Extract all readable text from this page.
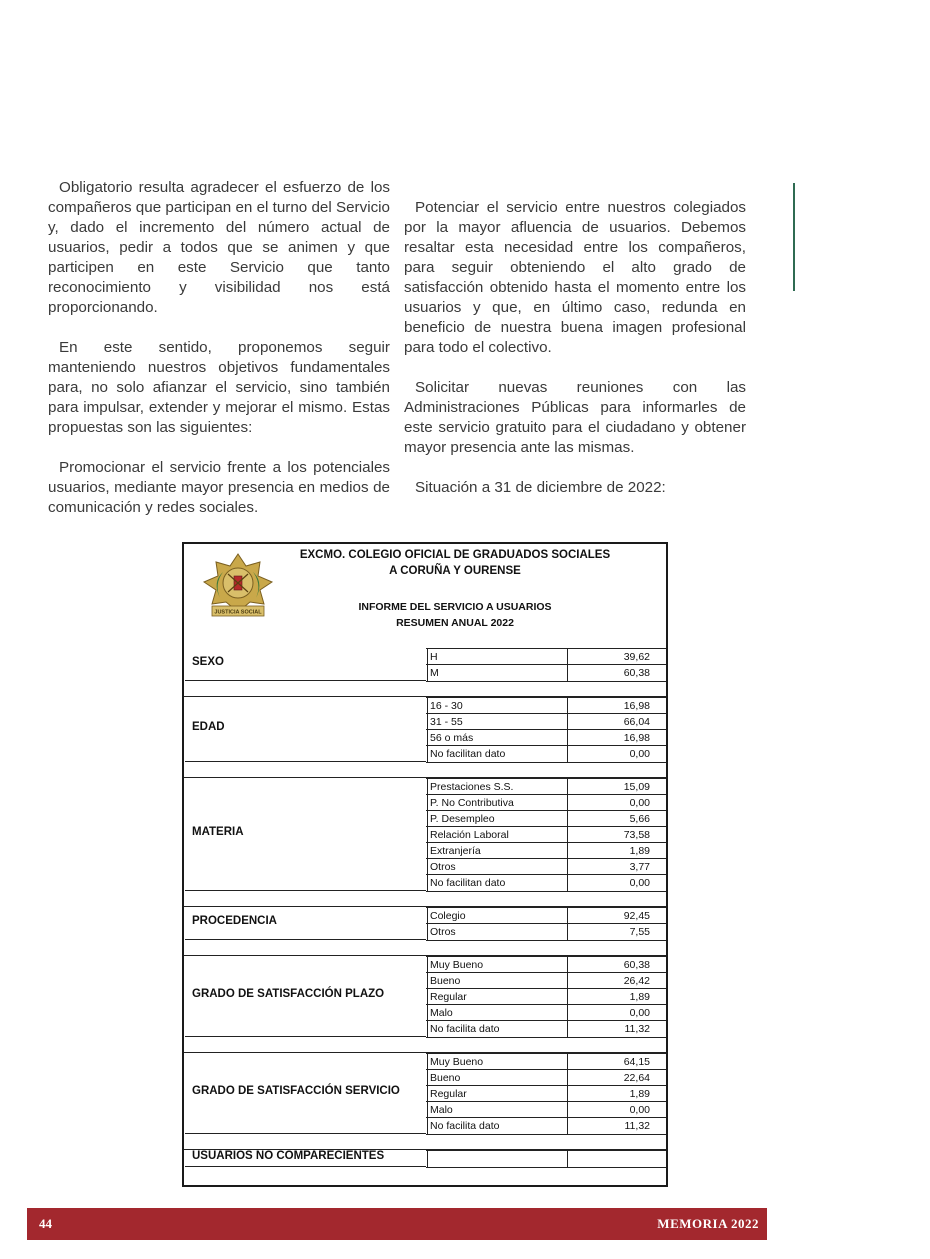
Obligatorio resulta agradecer el esfuerzo de los compañeros que participan en el turno del Servicio y, dado el incremento del número actual de usuarios, pedir a todos que se animen y que participen en este Servicio que tanto reconocimiento y visibilidad nos está proporcionando.

En este sentido, proponemos seguir manteniendo nuestros objetivos fundamentales para, no solo afianzar el servicio, sino también para impulsar, extender y mejorar el mismo. Estas propuestas son las siguientes:

Promocionar el servicio frente a los potenciales usuarios, mediante mayor presencia en medios de comunicación y redes sociales.

Potenciar el servicio entre nuestros colegiados por la mayor afluencia de usuarios. Debemos resaltar esta necesidad entre los compañeros, para seguir obteniendo el alto grado de satisfacción obtenido hasta el momento entre los usuarios y que, en último caso, redunda en beneficio de nuestra buena imagen profesional para todo el colectivo.

Solicitar nuevas reuniones con las Administraciones Públicas para informarles de este servicio gratuito para el ciudadano y obtener mayor presencia ante las mismas.

Situación a 31 de diciembre de 2022:

JUSTICIA SOCIAL
EXCMO. COLEGIO OFICIAL DE GRADUADOS SOCIALES
A CORUÑA Y OURENSE
INFORME DEL SERVICIO A USUARIOS
RESUMEN ANUAL 2022
H	39,62
M	60,38
SEXO
16 - 30	16,98
31 - 55	66,04
56 o más	16,98
No facilitan dato	0,00
EDAD
Prestaciones S.S.	15,09
P. No Contributiva	0,00
P. Desempleo	5,66
Relación Laboral	73,58
Extranjería	1,89
Otros	3,77
No facilitan dato	0,00
MATERIA
Colegio	92,45
Otros	7,55
PROCEDENCIA
Muy Bueno	60,38
Bueno	26,42
Regular	1,89
Malo	0,00
No facilita dato	11,32
GRADO DE SATISFACCIÓN PLAZO
Muy Bueno	64,15
Bueno	22,64
Regular	1,89
Malo	0,00
No facilita dato	11,32
GRADO DE SATISFACCIÓN SERVICIO
USUARIOS NO COMPARECIENTES
44	MEMORIA 2022
